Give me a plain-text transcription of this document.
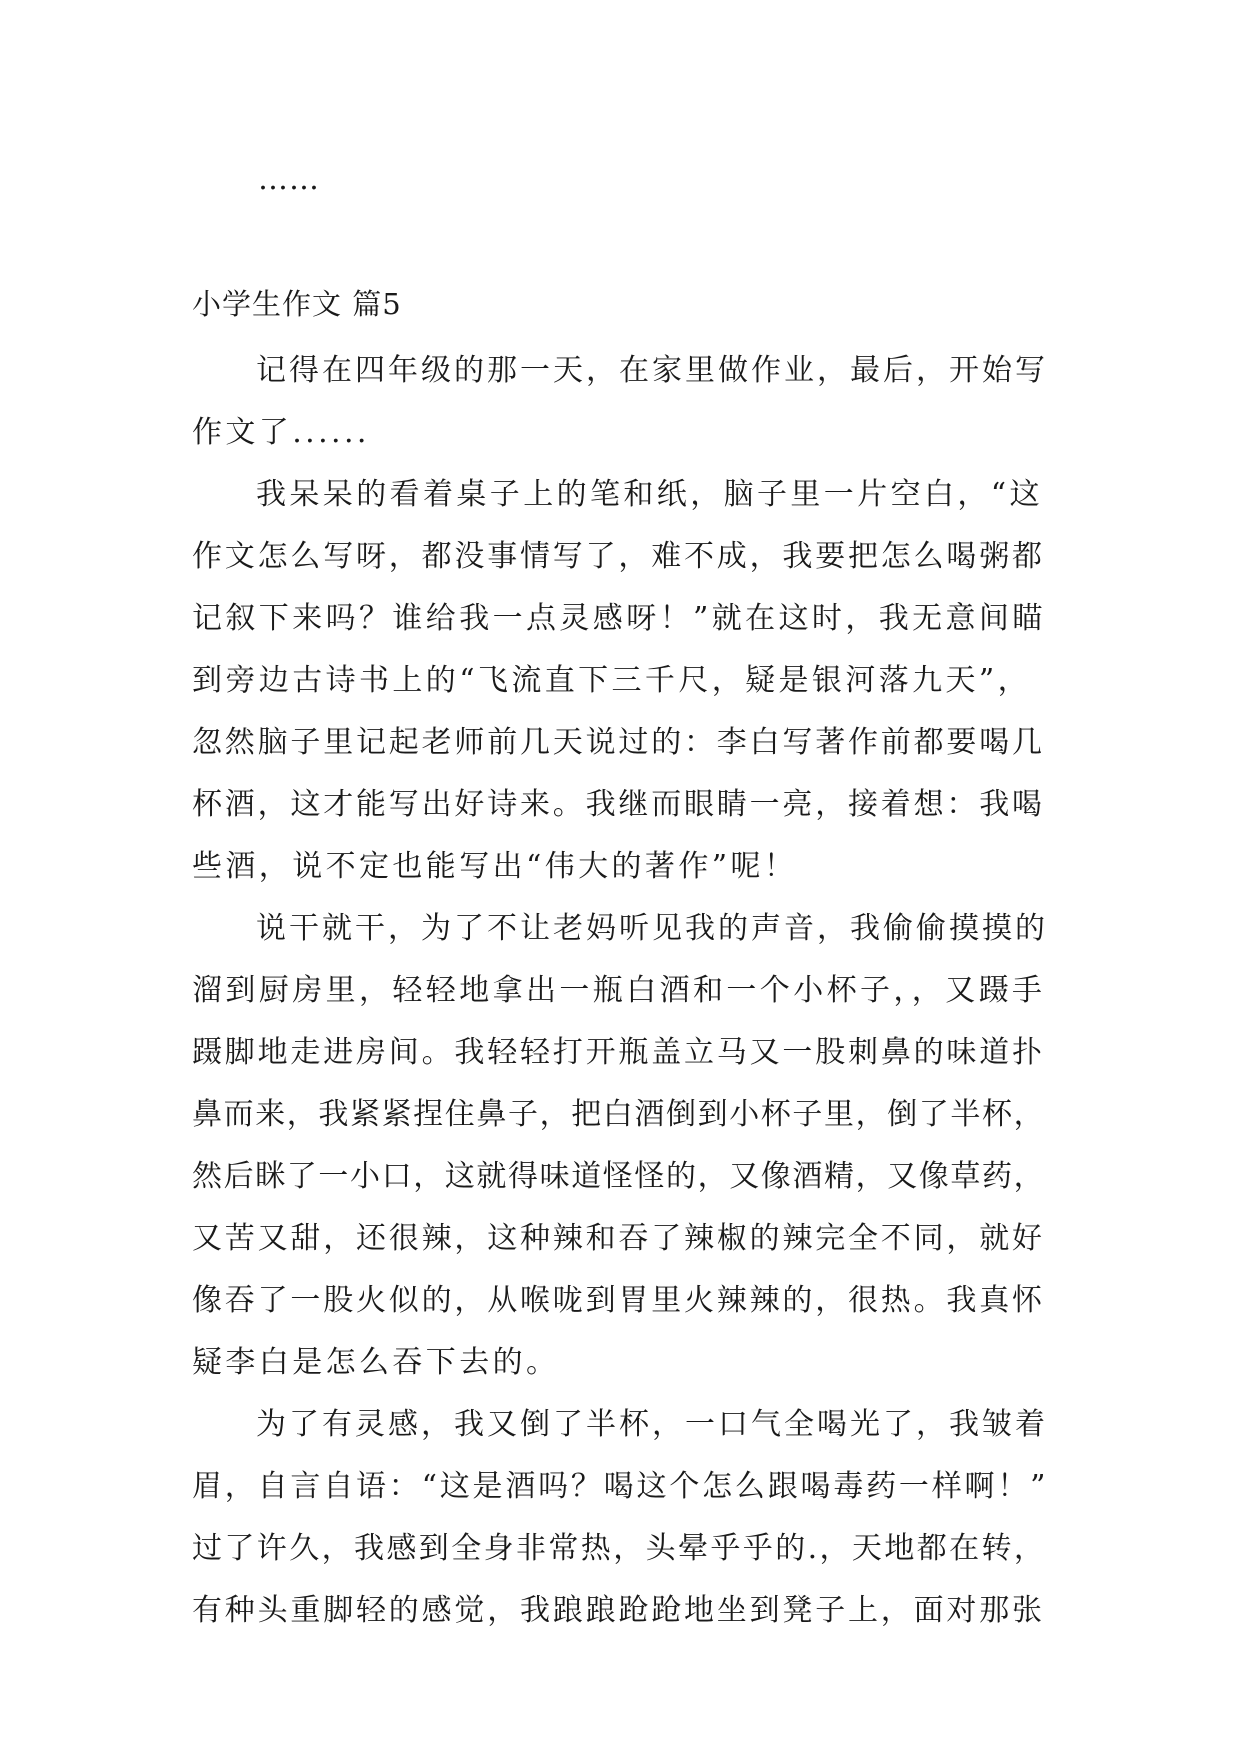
……
小学生作文 篇5
记得在四年级的那一天，在家里做作业，最后，开始写
作文了......
我呆呆的看着桌子上的笔和纸，脑子里一片空白，“这
作文怎么写呀，都没事情写了，难不成，我要把怎么喝粥都
记叙下来吗？谁给我一点灵感呀！”就在这时，我无意间瞄
到旁边古诗书上的“飞流直下三千尺，疑是银河落九天”，
忽然脑子里记起老师前几天说过的：李白写著作前都要喝几
杯酒，这才能写出好诗来。我继而眼睛一亮，接着想：我喝
些酒，说不定也能写出“伟大的著作”呢！
说干就干，为了不让老妈听见我的声音，我偷偷摸摸的
溜到厨房里，轻轻地拿出一瓶白酒和一个小杯子，，又蹑手
蹑脚地走进房间。我轻轻打开瓶盖立马又一股刺鼻的味道扑
鼻而来，我紧紧捏住鼻子，把白酒倒到小杯子里，倒了半杯，
然后眯了一小口，这就得味道怪怪的，又像酒精，又像草药，
又苦又甜，还很辣，这种辣和吞了辣椒的辣完全不同，就好
像吞了一股火似的，从喉咙到胃里火辣辣的，很热。我真怀
疑李白是怎么吞下去的。
为了有灵感，我又倒了半杯，一口气全喝光了，我皱着
眉，自言自语：“这是酒吗？喝这个怎么跟喝毒药一样啊！”
过了许久，我感到全身非常热，头晕乎乎的.，天地都在转，
有种头重脚轻的感觉，我踉踉跄跄地坐到凳子上，面对那张
